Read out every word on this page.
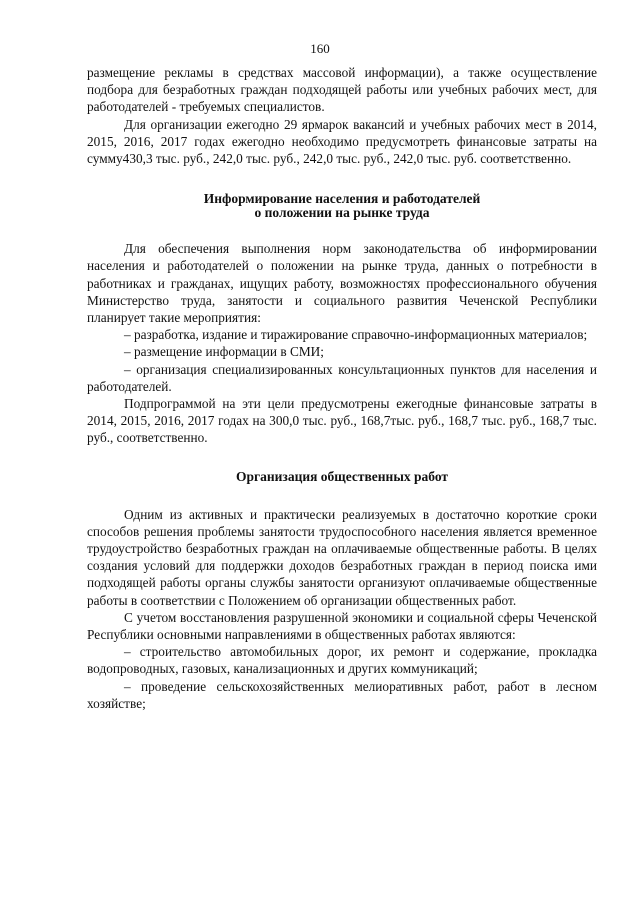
160

размещение рекламы в средствах массовой информации), а также осуществление подбора для безработных граждан подходящей работы или учебных рабочих мест, для работодателей - требуемых специалистов.

Для организации ежегодно 29 ярмарок вакансий и учебных рабочих мест в 2014, 2015, 2016, 2017 годах ежегодно необходимо предусмотреть финансовые затраты на сумму430,3 тыс. руб., 242,0 тыс. руб., 242,0 тыс. руб., 242,0 тыс. руб. соответственно.

Информирование населения и работодателей
о положении на рынке труда

Для обеспечения выполнения норм законодательства об информировании населения и работодателей о положении на рынке труда, данных о потребности в работниках и гражданах, ищущих работу, возможностях профессионального обучения Министерство труда, занятости и социального развития Чеченской Республики планирует такие мероприятия:

– разработка, издание и тиражирование справочно-информационных материалов;

– размещение информации в СМИ;

– организация специализированных консультационных пунктов для населения и работодателей.

Подпрограммой на эти цели предусмотрены ежегодные финансовые затраты в 2014, 2015, 2016, 2017 годах на 300,0 тыс. руб., 168,7тыс. руб., 168,7 тыс. руб., 168,7 тыс. руб., соответственно.

Организация общественных работ

Одним из активных и практически реализуемых в достаточно короткие сроки способов решения проблемы занятости трудоспособного населения является временное трудоустройство безработных граждан на оплачиваемые общественные работы. В целях создания условий для поддержки доходов безработных граждан в период поиска ими подходящей работы органы службы занятости организуют оплачиваемые общественные работы в соответствии с Положением об организации общественных работ.

С учетом восстановления разрушенной экономики и социальной сферы Чеченской Республики основными направлениями в общественных работах являются:

– строительство автомобильных дорог, их ремонт и содержание, прокладка водопроводных, газовых, канализационных и других коммуникаций;

– проведение сельскохозяйственных мелиоративных работ, работ в лесном хозяйстве;
